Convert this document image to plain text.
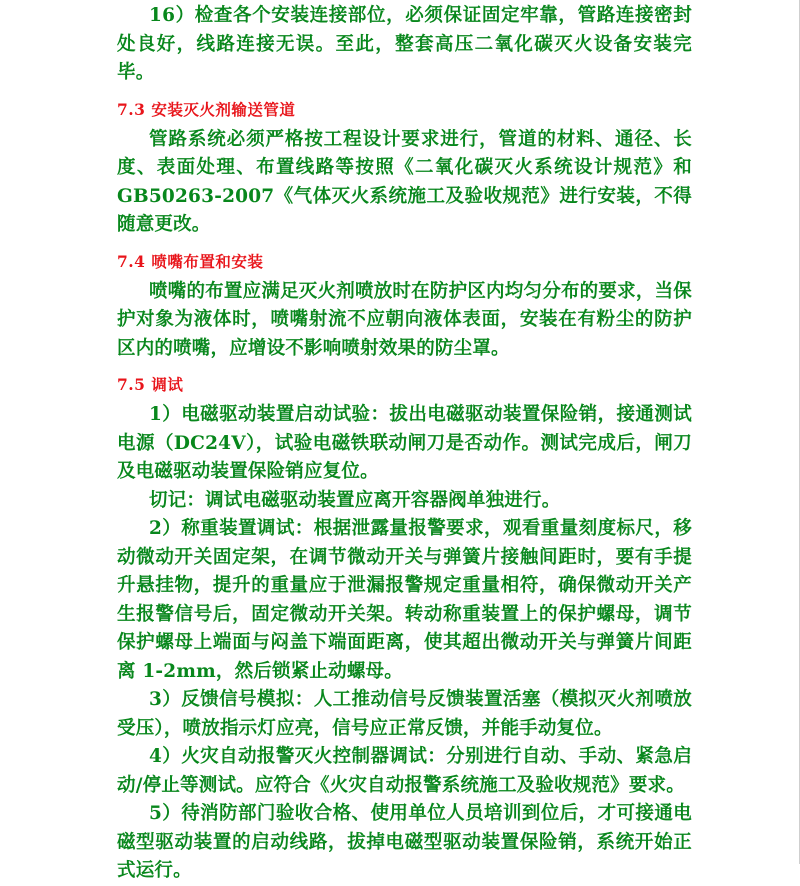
16）检查各个安装连接部位，必须保证固定牢靠，管路连接密封处良好，线路连接无误。至此，整套高压二氧化碳灭火设备安装完毕。

7.3 安装灭火剂输送管道

管路系统必须严格按工程设计要求进行，管道的材料、通径、长度、表面处理、布置线路等按照《二氧化碳灭火系统设计规范》和GB50263-2007《气体灭火系统施工及验收规范》进行安装，不得随意更改。

7.4 喷嘴布置和安装

喷嘴的布置应满足灭火剂喷放时在防护区内均匀分布的要求，当保护对象为液体时，喷嘴射流不应朝向液体表面，安装在有粉尘的防护区内的喷嘴，应增设不影响喷射效果的防尘罩。

7.5 调试

1）电磁驱动装置启动试验：拔出电磁驱动装置保险销，接通测试电源（DC24V），试验电磁铁联动闸刀是否动作。测试完成后，闸刀及电磁驱动装置保险销应复位。

切记：调试电磁驱动装置应离开容器阀单独进行。

2）称重装置调试：根据泄露量报警要求，观看重量刻度标尺，移动微动开关固定架，在调节微动开关与弹簧片接触间距时，要有手提升悬挂物，提升的重量应于泄漏报警规定重量相符，确保微动开关产生报警信号后，固定微动开关架。转动称重装置上的保护螺母，调节保护螺母上端面与闷盖下端面距离，使其超出微动开关与弹簧片间距离 1-2mm，然后锁紧止动螺母。

3）反馈信号模拟：人工推动信号反馈装置活塞（模拟灭火剂喷放受压），喷放指示灯应亮，信号应正常反馈，并能手动复位。

4）火灾自动报警灭火控制器调试：分别进行自动、手动、紧急启动/停止等测试。应符合《火灾自动报警系统施工及验收规范》要求。

5）待消防部门验收合格、使用单位人员培训到位后，才可接通电磁型驱动装置的启动线路，拔掉电磁型驱动装置保险销，系统开始正式运行。
